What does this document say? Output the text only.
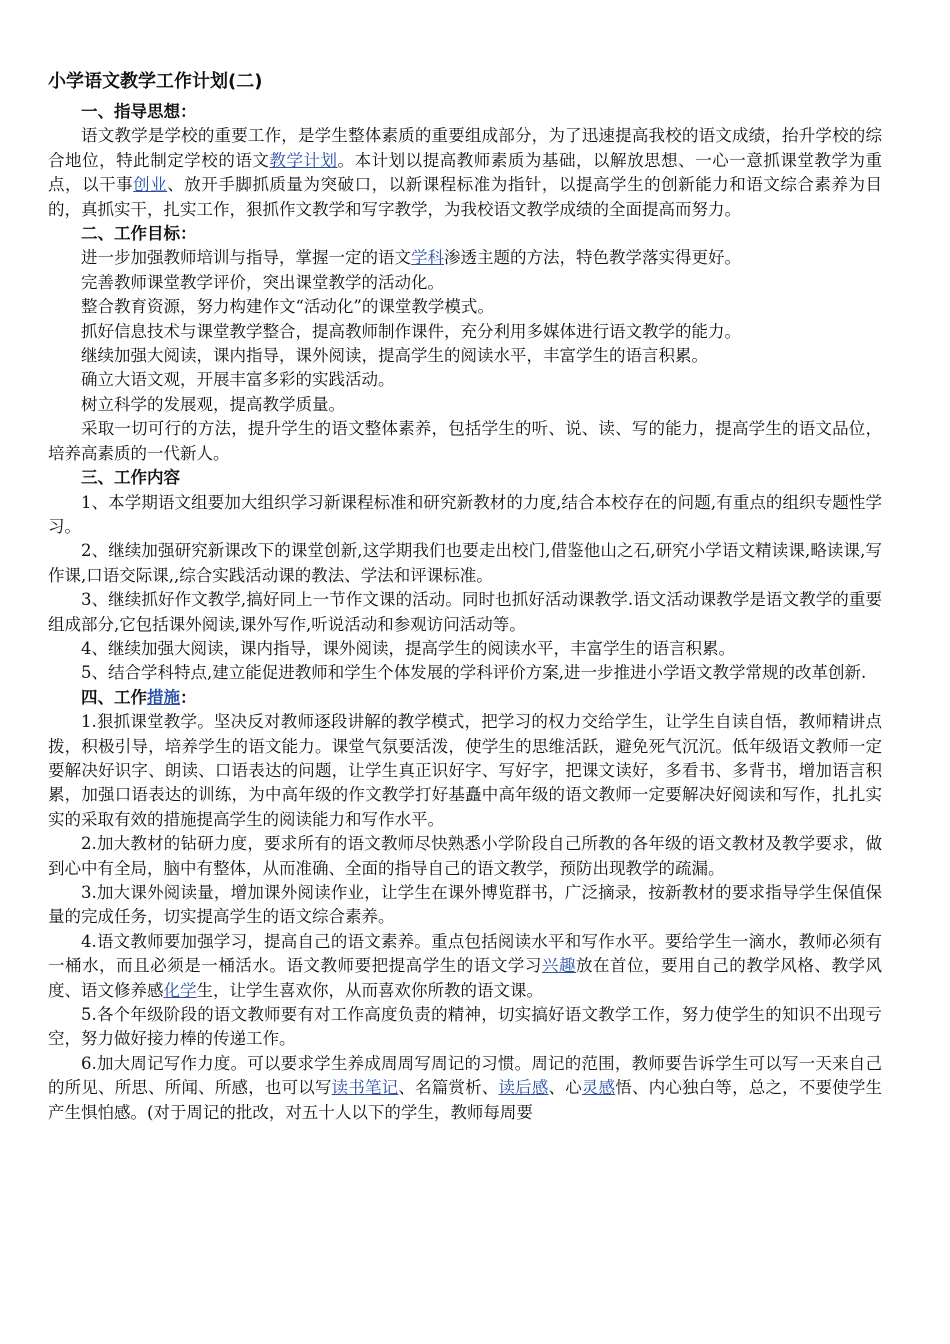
小学语文教学工作计划(二)
一、指导思想：

语文教学是学校的重要工作，是学生整体素质的重要组成部分，为了迅速提高我校的语文成绩，抬升学校的综合地位，特此制定学校的语文教学计划。本计划以提高教师素质为基础，以解放思想、一心一意抓课堂教学为重点，以干事创业、放开手脚抓质量为突破口，以新课程标准为指针，以提高学生的创新能力和语文综合素养为目的，真抓实干，扎实工作，狠抓作文教学和写字教学，为我校语文教学成绩的全面提高而努力。

二、工作目标：

进一步加强教师培训与指导，掌握一定的语文学科渗透主题的方法，特色教学落实得更好。

完善教师课堂教学评价，突出课堂教学的活动化。

整合教育资源，努力构建作文“活动化”的课堂教学模式。

抓好信息技术与课堂教学整合，提高教师制作课件，充分利用多媒体进行语文教学的能力。

继续加强大阅读，课内指导，课外阅读，提高学生的阅读水平，丰富学生的语言积累。

确立大语文观，开展丰富多彩的实践活动。

树立科学的发展观，提高教学质量。

采取一切可行的方法，提升学生的语文整体素养，包括学生的听、说、读、写的能力，提高学生的语文品位，培养高素质的一代新人。

三、工作内容

1、本学期语文组要加大组织学习新课程标准和研究新教材的力度,结合本校存在的问题,有重点的组织专题性学习。

2、继续加强研究新课改下的课堂创新,这学期我们也要走出校门,借鉴他山之石,研究小学语文精读课,略读课,写作课,口语交际课,,综合实践活动课的教法、学法和评课标准。

3、继续抓好作文教学,搞好同上一节作文课的活动。同时也抓好活动课教学.语文活动课教学是语文教学的重要组成部分,它包括课外阅读,课外写作,听说活动和参观访问活动等。

4、继续加强大阅读，课内指导，课外阅读，提高学生的阅读水平，丰富学生的语言积累。

5、结合学科特点,建立能促进教师和学生个体发展的学科评价方案,进一步推进小学语文教学常规的改革创新.

四、工作措施：

1.狠抓课堂教学。坚决反对教师逐段讲解的教学模式，把学习的权力交给学生，让学生自读自悟，教师精讲点拨，积极引导，培养学生的语文能力。课堂气氛要活泼，使学生的思维活跃，避免死气沉沉。低年级语文教师一定要解决好识字、朗读、口语表达的问题，让学生真正识好字、写好字，把课文读好，多看书、多背书，增加语言积累，加强口语表达的训练，为中高年级的作文教学打好基矗中高年级的语文教师一定要解决好阅读和写作，扎扎实实的采取有效的措施提高学生的阅读能力和写作水平。

2.加大教材的钻研力度，要求所有的语文教师尽快熟悉小学阶段自己所教的各年级的语文教材及教学要求，做到心中有全局，脑中有整体，从而准确、全面的指导自己的语文教学，预防出现教学的疏漏。

3.加大课外阅读量，增加课外阅读作业，让学生在课外博览群书，广泛摘录，按新教材的要求指导学生保值保量的完成任务，切实提高学生的语文综合素养。

4.语文教师要加强学习，提高自己的语文素养。重点包括阅读水平和写作水平。要给学生一滴水，教师必须有一桶水，而且必须是一桶活水。语文教师要把提高学生的语文学习兴趣放在首位，要用自己的教学风格、教学风度、语文修养感化学生，让学生喜欢你，从而喜欢你所教的语文课。

5.各个年级阶段的语文教师要有对工作高度负责的精神，切实搞好语文教学工作，努力使学生的知识不出现亏空，努力做好接力棒的传递工作。

6.加大周记写作力度。可以要求学生养成周周写周记的习惯。周记的范围，教师要告诉学生可以写一天来自己的所见、所思、所闻、所感，也可以写读书笔记、名篇赏析、读后感、心灵感悟、内心独白等，总之，不要使学生产生惧怕感。(对于周记的批改，对五十人以下的学生，教师每周要
